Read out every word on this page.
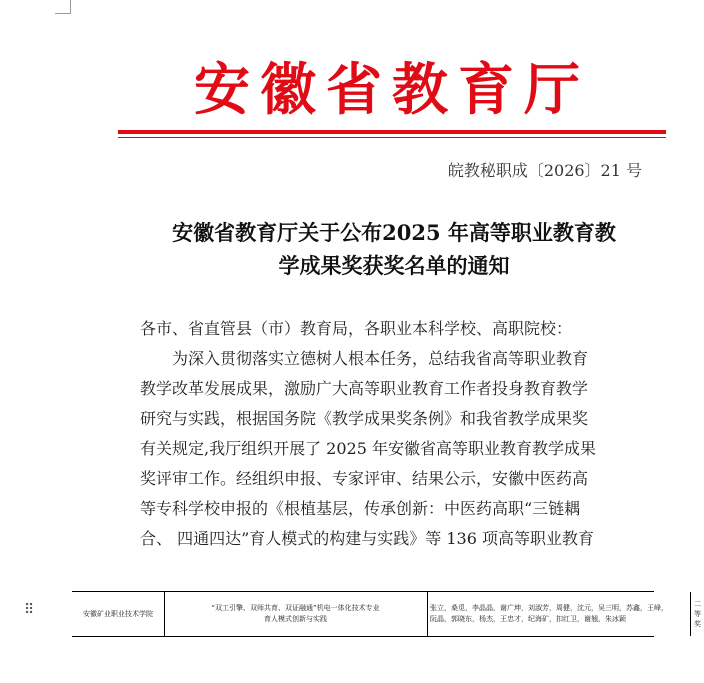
安徽省教育厅
皖教秘职成〔2026〕21 号
安徽省教育厅关于公布2025 年高等职业教育教
学成果奖获奖名单的通知
各市、省直管县（市）教育局，各职业本科学校、高职院校：
　　为深入贯彻落实立德树人根本任务，总结我省高等职业教育
教学改革发展成果，激励广大高等职业教育工作者投身教育教学
研究与实践，根据国务院《教学成果奖条例》和我省教学成果奖
有关规定,我厅组织开展了 2025 年安徽省高等职业教育教学成果
奖评审工作。经组织申报、专家评审、结果公示，安徽中医药高
等专科学校申报的《根植基层，传承创新：中医药高职“三链耦
合、 四通四达”育人模式的构建与实践》等 136 项高等职业教育
⠿	安徽矿业职业技术学院
“双工引擎、双师共育、双证融通”机电一体化技术专业
育人模式创新与实践
张立，桑觅，李晶晶，谢广坤，刘淑芳，周健，沈元，吴三明，苏鑫，王峰，
阮晶，郭晓东，杨杰，王忠才，纪海矿，扣红卫，谢翘，朱冰颖
二等奖
